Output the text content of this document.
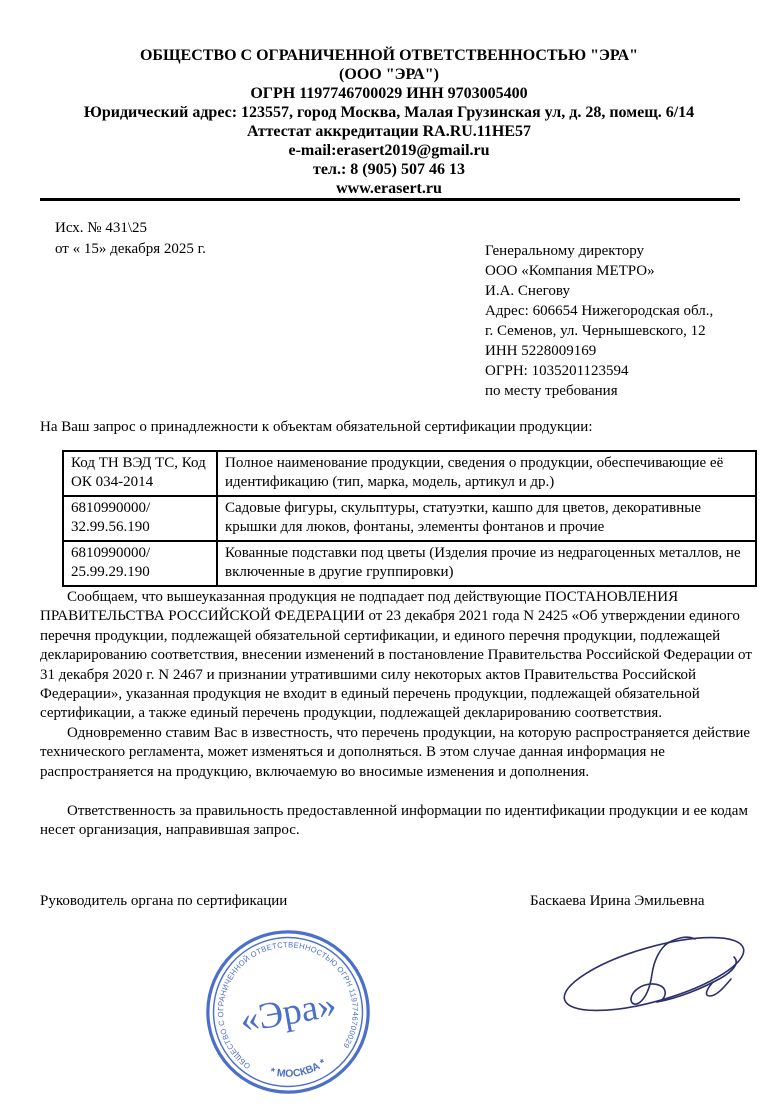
ОБЩЕСТВО С ОГРАНИЧЕННОЙ ОТВЕТСТВЕННОСТЬЮ "ЭРА"
(ООО "ЭРА")
ОГРН 1197746700029 ИНН 9703005400
Юридический адрес: 123557, город Москва, Малая Грузинская ул, д. 28, помещ. 6/14
Аттестат аккредитации RA.RU.11HE57
e-mail:erasert2019@gmail.ru
тел.: 8 (905) 507 46 13
www.erasert.ru
Исх. № 431\25
от « 15» декабря 2025 г.	Генеральному директору
ООО «Компания МЕТРО»
И.А. Снегову
Адрес: 606654 Нижегородская обл.,
г. Семенов, ул. Чернышевского, 12
ИНН 5228009169
ОГРН: 1035201123594
по месту требования
На Ваш запрос о принадлежности к объектам обязательной сертификации продукции:
Код ТН ВЭД ТС, Код ОК 034-2014	Полное наименование продукции, сведения о продукции, обеспечивающие её идентификацию (тип, марка, модель, артикул и др.)
6810990000/ 32.99.56.190	Садовые фигуры, скульптуры, статуэтки, кашпо для цветов, декоративные крышки для люков, фонтаны, элементы фонтанов и прочие
6810990000/ 25.99.29.190	Кованные подставки под цветы (Изделия прочие из недрагоценных металлов, не включенные в другие группировки)

Сообщаем, что вышеуказанная продукция не подпадает под действующие ПОСТАНОВЛЕНИЯ ПРАВИТЕЛЬСТВА РОССИЙСКОЙ ФЕДЕРАЦИИ от 23 декабря 2021 года N 2425 «Об утверждении единого перечня продукции, подлежащей обязательной сертификации, и единого перечня продукции, подлежащей декларированию соответствия, внесении изменений в постановление Правительства Российской Федерации от 31 декабря 2020 г. N 2467 и признании утратившими силу некоторых актов Правительства Российской Федерации», указанная продукция не входит в единый перечень продукции, подлежащей обязательной сертификации, а также единый перечень продукции, подлежащей декларированию соответствия.

Одновременно ставим Вас в известность, что перечень продукции, на которую распространяется действие технического регламента, может изменяться и дополняться. В этом случае данная информация не распространяется на продукцию, включаемую во вносимые изменения и дополнения.

Ответственность за правильность предоставленной информации по идентификации продукции и ее кодам несет организация, направившая запрос.

Руководитель органа по сертификации	Баскаева Ирина Эмильевна
ОБЩЕСТВО С ОГРАНИЧЕННОЙ ОТВЕТСТВЕННОСТЬЮ ОГРН 1197746700029
* МОСКВА *
«Эра»
